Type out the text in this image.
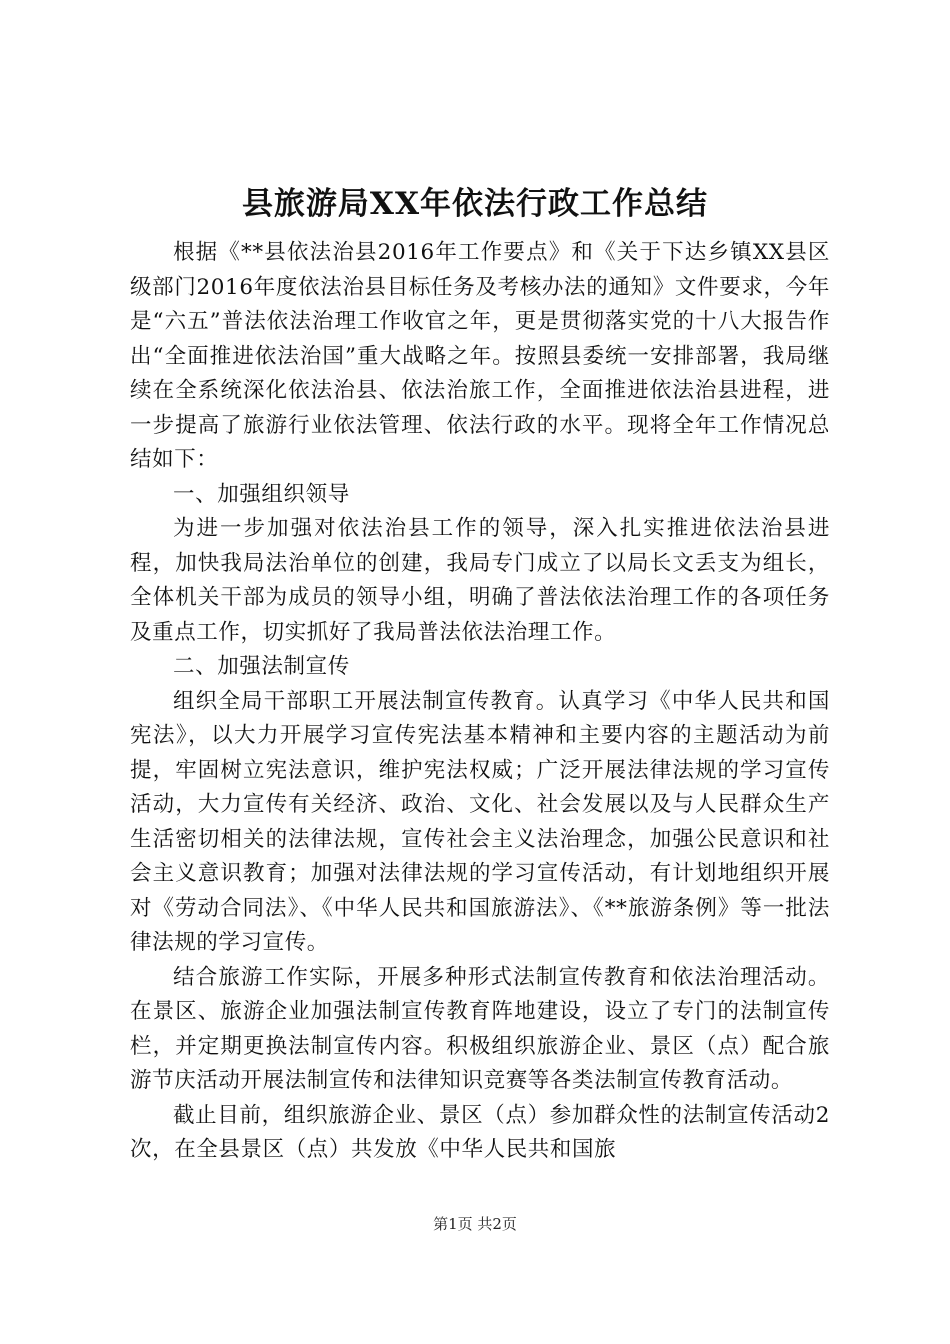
县旅游局XX年依法行政工作总结

根据《**县依法治县2016年工作要点》和《关于下达乡镇XX县区级部门2016年度依法治县目标任务及考核办法的通知》文件要求，今年是“六五”普法依法治理工作收官之年，更是贯彻落实党的十八大报告作出“全面推进依法治国”重大战略之年。按照县委统一安排部署，我局继续在全系统深化依法治县、依法治旅工作，全面推进依法治县进程，进一步提高了旅游行业依法管理、依法行政的水平。现将全年工作情况总结如下：

一、加强组织领导

为进一步加强对依法治县工作的领导，深入扎实推进依法治县进程，加快我局法治单位的创建，我局专门成立了以局长文丢支为组长，全体机关干部为成员的领导小组，明确了普法依法治理工作的各项任务及重点工作，切实抓好了我局普法依法治理工作。

二、加强法制宣传

组织全局干部职工开展法制宣传教育。认真学习《中华人民共和国宪法》，以大力开展学习宣传宪法基本精神和主要内容的主题活动为前提，牢固树立宪法意识，维护宪法权威；广泛开展法律法规的学习宣传活动，大力宣传有关经济、政治、文化、社会发展以及与人民群众生产生活密切相关的法律法规，宣传社会主义法治理念，加强公民意识和社会主义意识教育；加强对法律法规的学习宣传活动，有计划地组织开展对《劳动合同法》、《中华人民共和国旅游法》、《**旅游条例》等一批法律法规的学习宣传。

结合旅游工作实际，开展多种形式法制宣传教育和依法治理活动。在景区、旅游企业加强法制宣传教育阵地建设，设立了专门的法制宣传栏，并定期更换法制宣传内容。积极组织旅游企业、景区（点）配合旅游节庆活动开展法制宣传和法律知识竞赛等各类法制宣传教育活动。

截止目前，组织旅游企业、景区（点）参加群众性的法制宣传活动2次，在全县景区（点）共发放《中华人民共和国旅

第1页 共2页
